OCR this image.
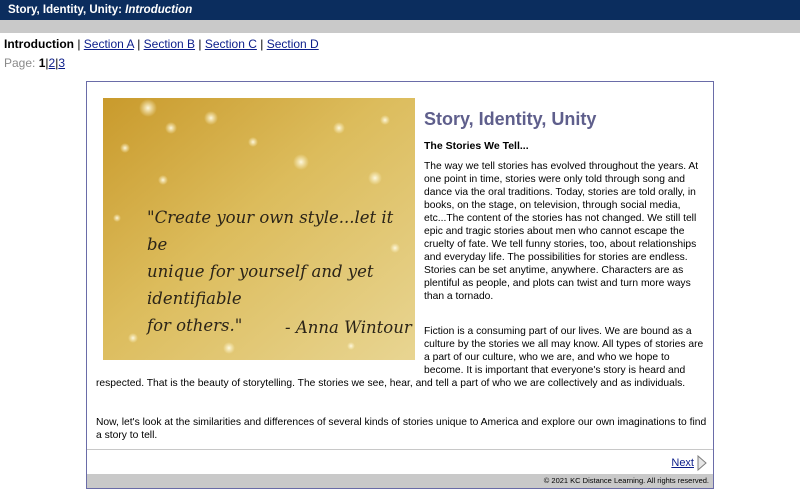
Story, Identity, Unity: Introduction
Introduction | Section A | Section B | Section C | Section D
Page: 1|2|3
"Create your own style...let it be
unique for yourself and yet identifiable
for others."	- Anna Wintour
Story, Identity, Unity
The Stories We Tell...
The way we tell stories has evolved throughout the years. At one point in time, stories were only told through song and dance via the oral traditions. Today, stories are told orally, in books, on the stage, on television, through social media, etc...The content of the stories has not changed. We still tell epic and tragic stories about men who cannot escape the cruelty of fate. We tell funny stories, too, about relationships and everyday life. The possibilities for stories are endless. Stories can be set anytime, anywhere. Characters are as plentiful as people, and plots can twist and turn more ways than a tornado.
Fiction is a consuming part of our lives. We are bound as a culture by the stories we all may know. All types of stories are a part of our culture, who we are, and who we hope to become. It is important that everyone's story is heard and
respected. That is the beauty of storytelling. The stories we see, hear, and tell a part of who we are collectively and as individuals.
Now, let's look at the similarities and differences of several kinds of stories unique to America and explore our own imaginations to find a story to tell.
Next
© 2021 KC Distance Learning. All rights reserved.
